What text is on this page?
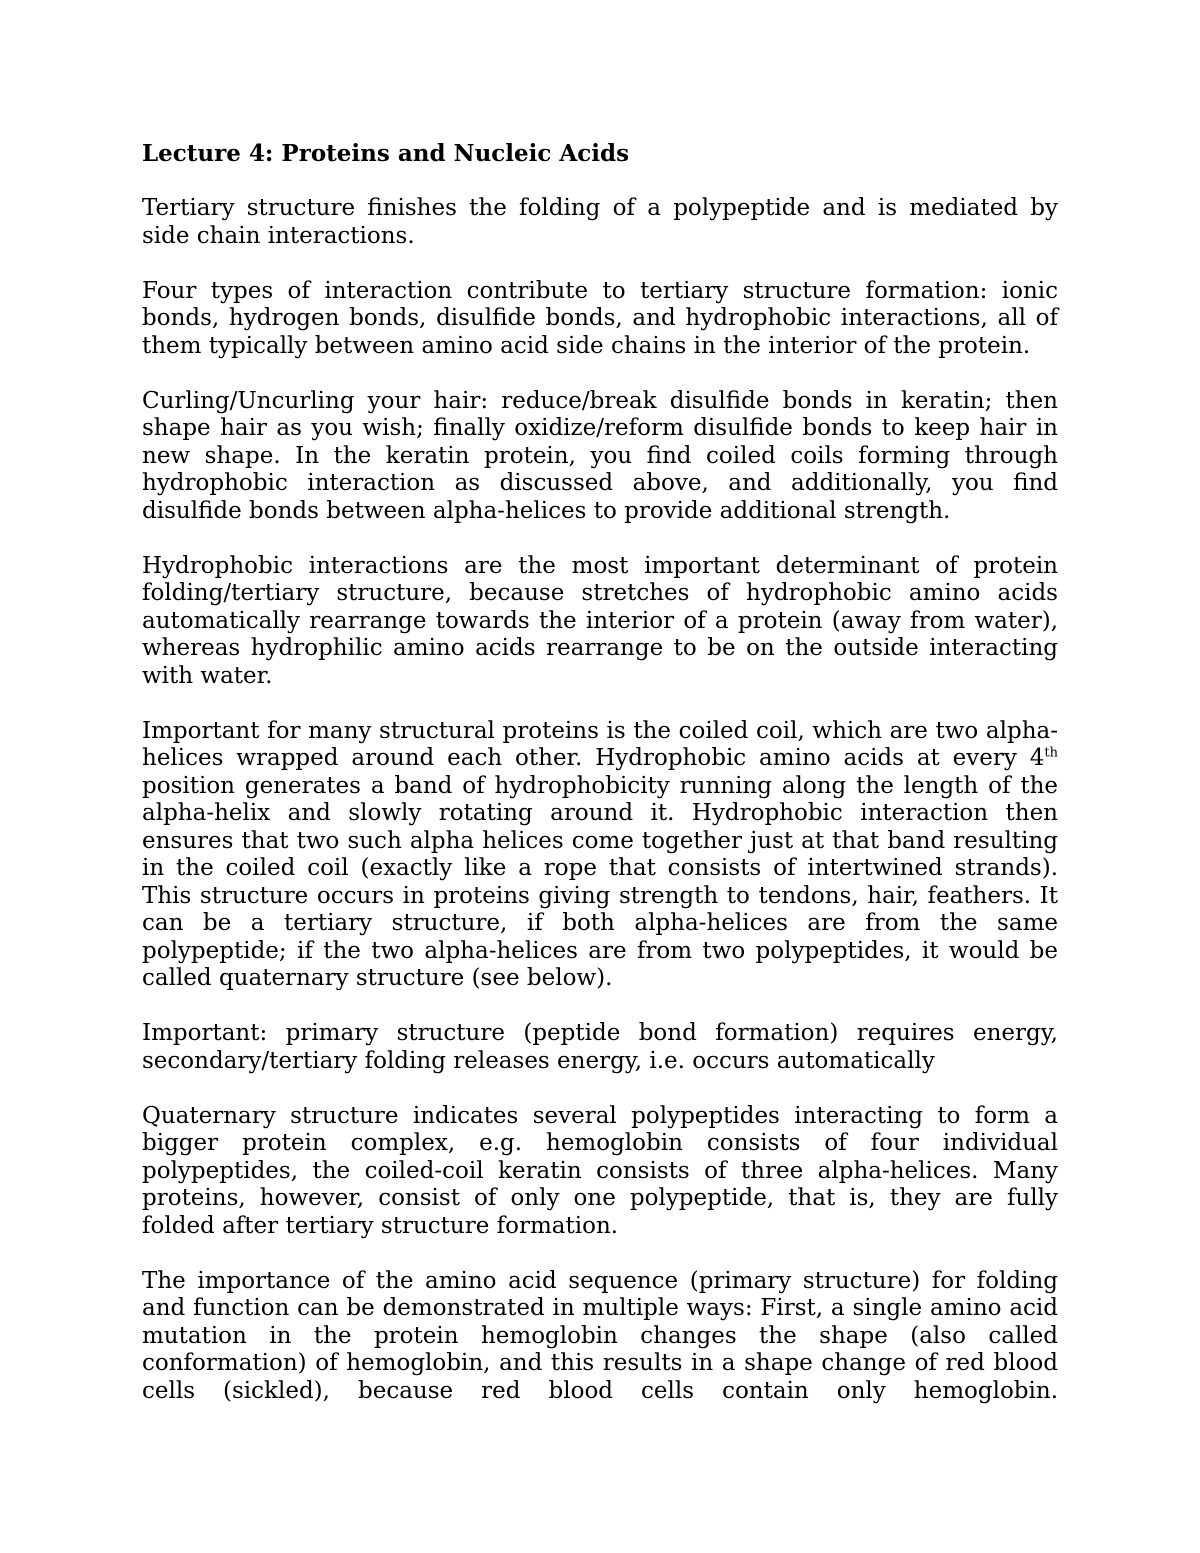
Lecture 4: Proteins and Nucleic Acids

Tertiary structure finishes the folding of a polypeptide and is mediated by side chain interactions.

Four types of interaction contribute to tertiary structure formation: ionic bonds, hydrogen bonds, disulfide bonds, and hydrophobic interactions, all of them typically between amino acid side chains in the interior of the protein.

Curling/Uncurling your hair: reduce/break disulfide bonds in keratin; then shape hair as you wish; finally oxidize/reform disulfide bonds to keep hair in new shape. In the keratin protein, you find coiled coils forming through hydrophobic interaction as discussed above, and additionally, you find disulfide bonds between alpha-helices to provide additional strength.

Hydrophobic interactions are the most important determinant of protein folding/tertiary structure, because stretches of hydrophobic amino acids automatically rearrange towards the interior of a protein (away from water), whereas hydrophilic amino acids rearrange to be on the outside interacting with water.

Important for many structural proteins is the coiled coil, which are two alpha- helices wrapped around each other. Hydrophobic amino acids at every 4th position generates a band of hydrophobicity running along the length of the alpha-helix and slowly rotating around it. Hydrophobic interaction then ensures that two such alpha helices come together just at that band resulting in the coiled coil (exactly like a rope that consists of intertwined strands). This structure occurs in proteins giving strength to tendons, hair, feathers. It can be a tertiary structure, if both alpha-helices are from the same polypeptide; if the two alpha-helices are from two polypeptides, it would be called quaternary structure (see below).

Important: primary structure (peptide bond formation) requires energy, secondary/tertiary folding releases energy, i.e. occurs automatically

Quaternary structure indicates several polypeptides interacting to form a bigger protein complex, e.g. hemoglobin consists of four individual polypeptides, the coiled-coil keratin consists of three alpha-helices. Many proteins, however, consist of only one polypeptide, that is, they are fully folded after tertiary structure formation.

The importance of the amino acid sequence (primary structure) for folding and function can be demonstrated in multiple ways: First, a single amino acid mutation in the protein hemoglobin changes the shape (also called conformation) of hemoglobin, and this results in a shape change of red blood cells (sickled), because red blood cells contain only hemoglobin.
